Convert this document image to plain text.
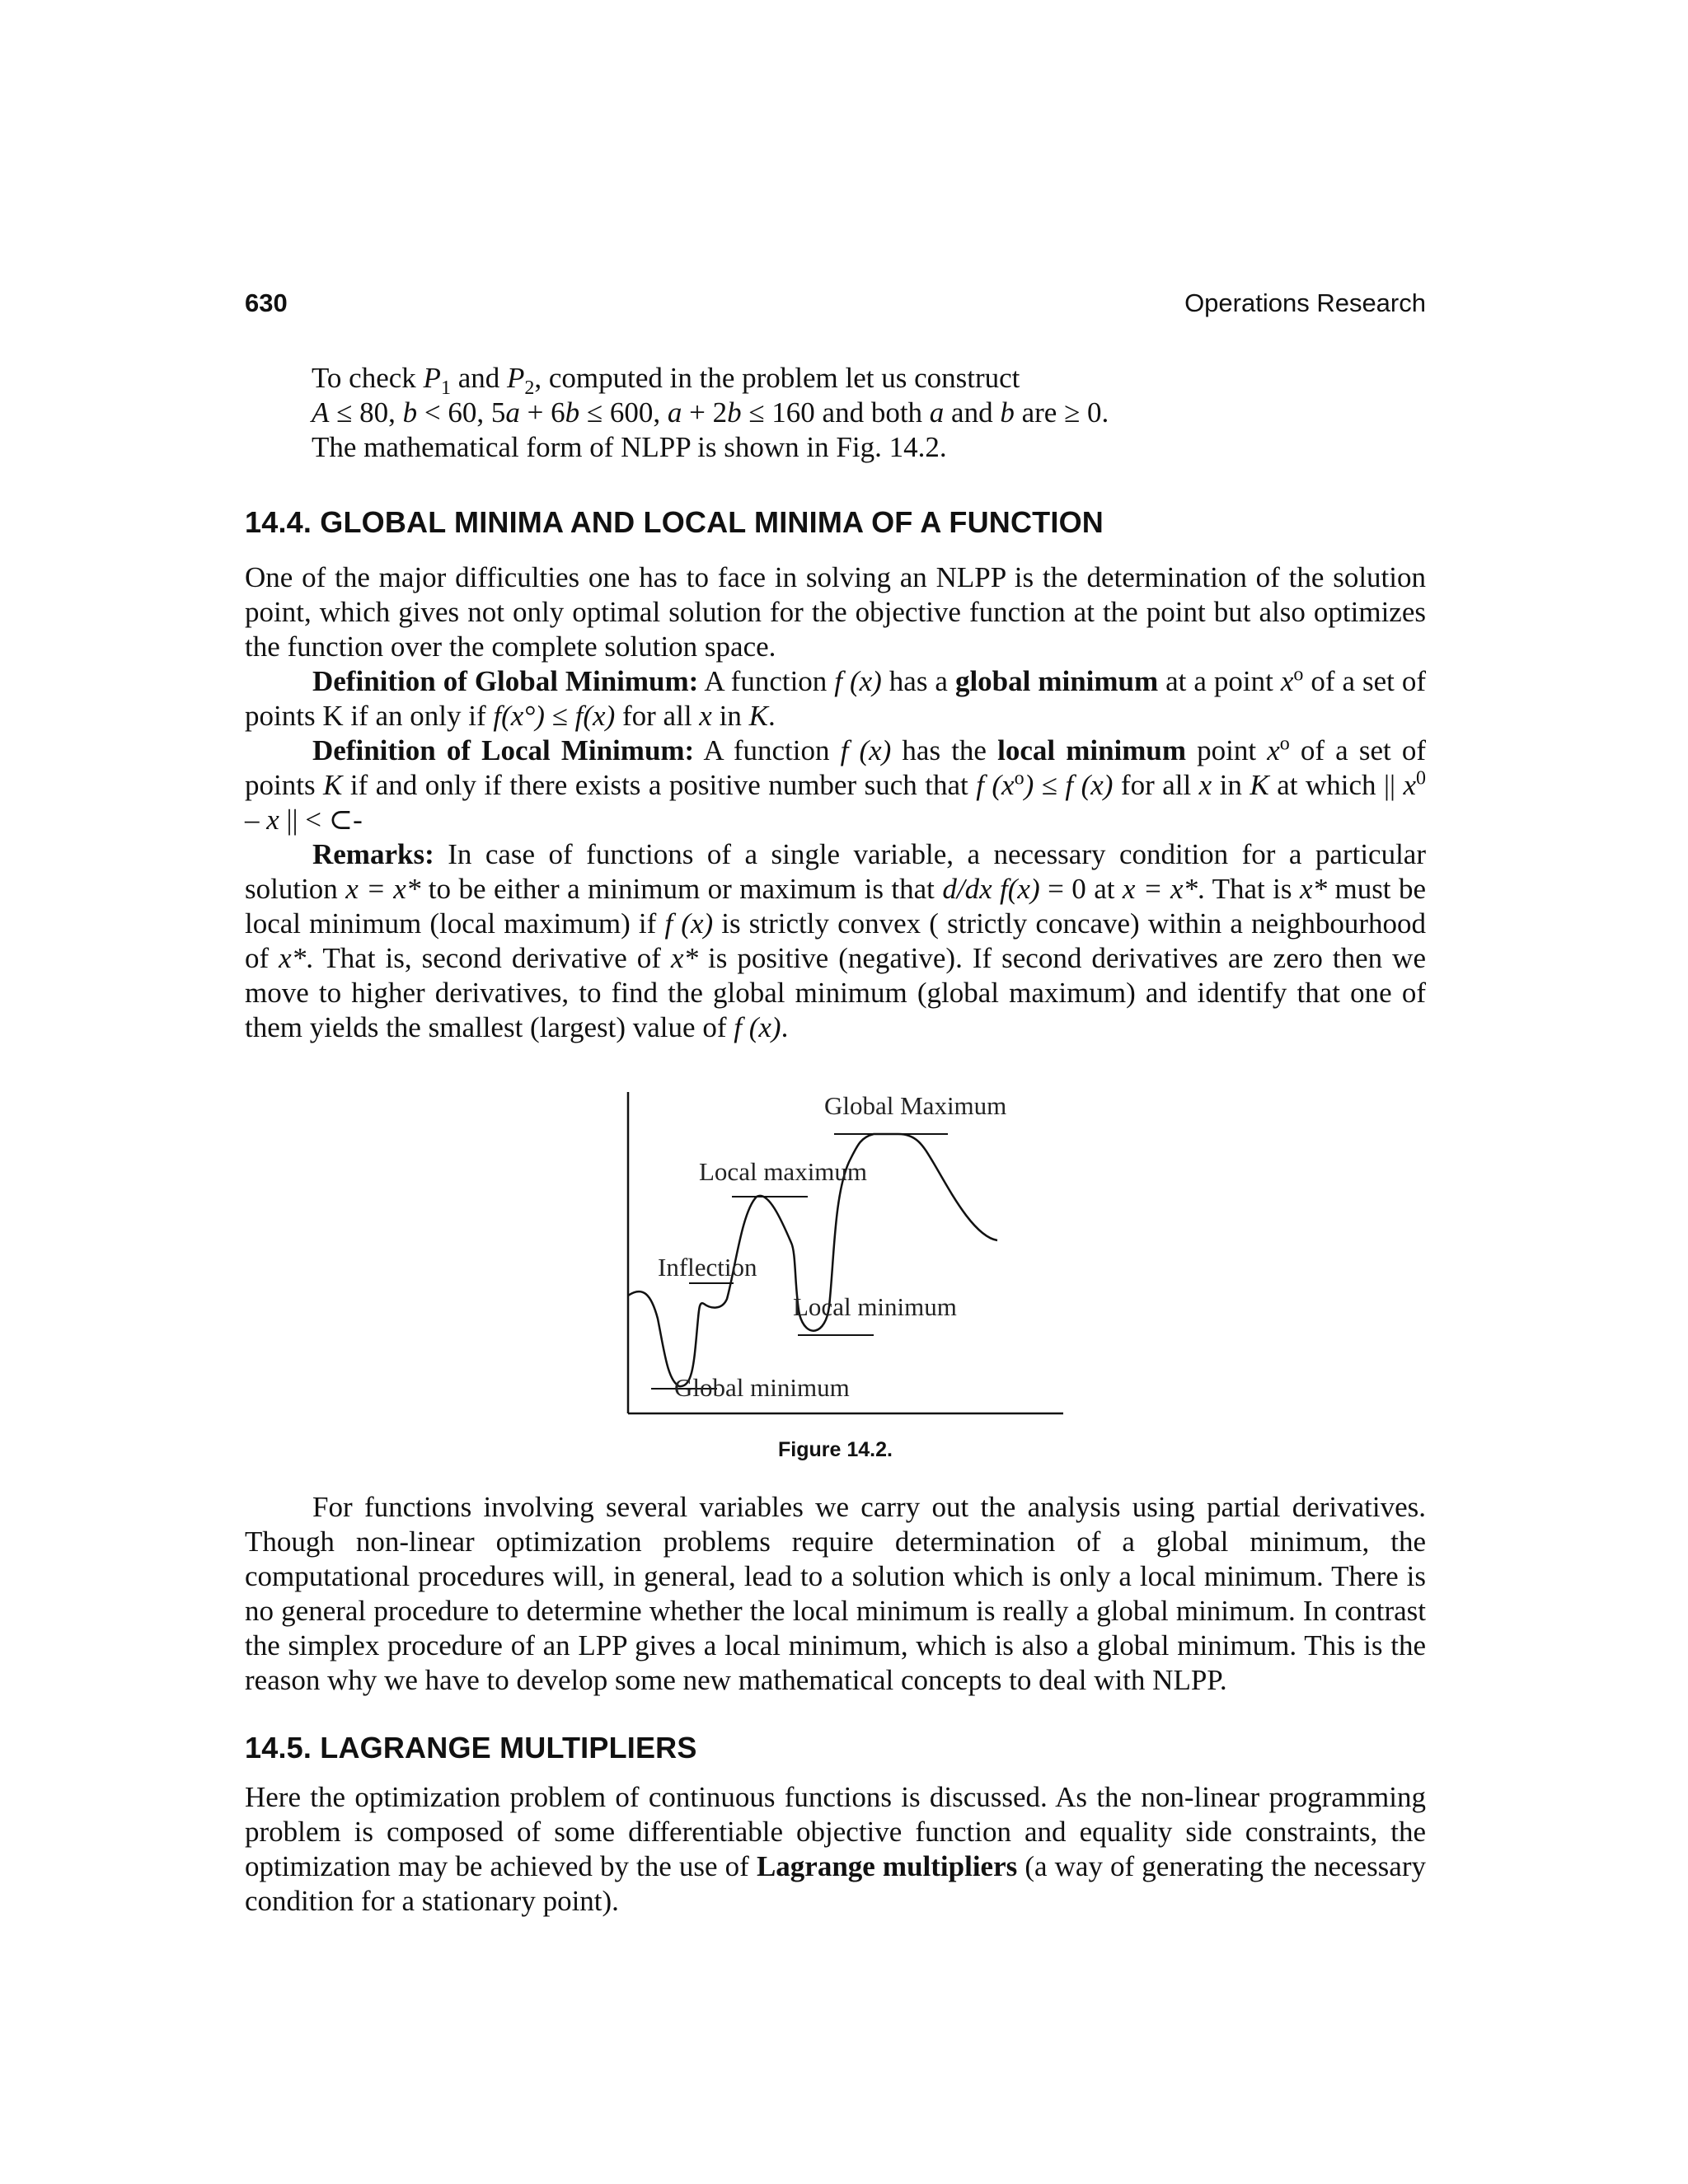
630	Operations Research

To check $P_1$ and $P_2$, computed in the problem let us construct

A ≤ 80, b < 60, 5a + 6b ≤ 600, a + 2b ≤ 160 and both a and b are ≥ 0.

The mathematical form of NLPP is shown in Fig. 14.2.

14.4. GLOBAL MINIMA AND LOCAL MINIMA OF A FUNCTION

One of the major difficulties one has to face in solving an NLPP is the determination of the solution point, which gives not only optimal solution for the objective function at the point but also optimizes the function over the complete solution space.

Definition of Global Minimum: A function f (x) has a global minimum at a point $x^o$ of a set of points K if an only if f(x°) ≤ f(x) for all x in K.

Definition of Local Minimum: A function f (x) has the local minimum point $x^o$ of a set of points K if and only if there exists a positive number such that f $(x^o) \le f$ (x) for all x in K at which || $x^0$ – x || < ⊂-

Remarks: In case of functions of a single variable, a necessary condition for a particular solution x = x* to be either a minimum or maximum is that d/dx f(x) = 0 at x = x*. That is x* must be local minimum (local maximum) if f (x) is strictly convex ( strictly concave) within a neighbourhood of x*. That is, second derivative of x* is positive (negative). If second derivatives are zero then we move to higher derivatives, to find the global minimum (global maximum) and identify that one of them yields the smallest (largest) value of f (x).

Global Maximum
Local maximum
Inflection
Local minimum
Global minimum
Figure 14.2.

For functions involving several variables we carry out the analysis using partial derivatives. Though non-linear optimization problems require determination of a global minimum, the computational procedures will, in general, lead to a solution which is only a local minimum. There is no general procedure to determine whether the local minimum is really a global minimum. In contrast the simplex procedure of an LPP gives a local minimum, which is also a global minimum. This is the reason why we have to develop some new mathematical concepts to deal with NLPP.

14.5. LAGRANGE MULTIPLIERS

Here the optimization problem of continuous functions is discussed. As the non-linear programming problem is composed of some differentiable objective function and equality side constraints, the optimization may be achieved by the use of Lagrange multipliers (a way of generating the necessary condition for a stationary point).
